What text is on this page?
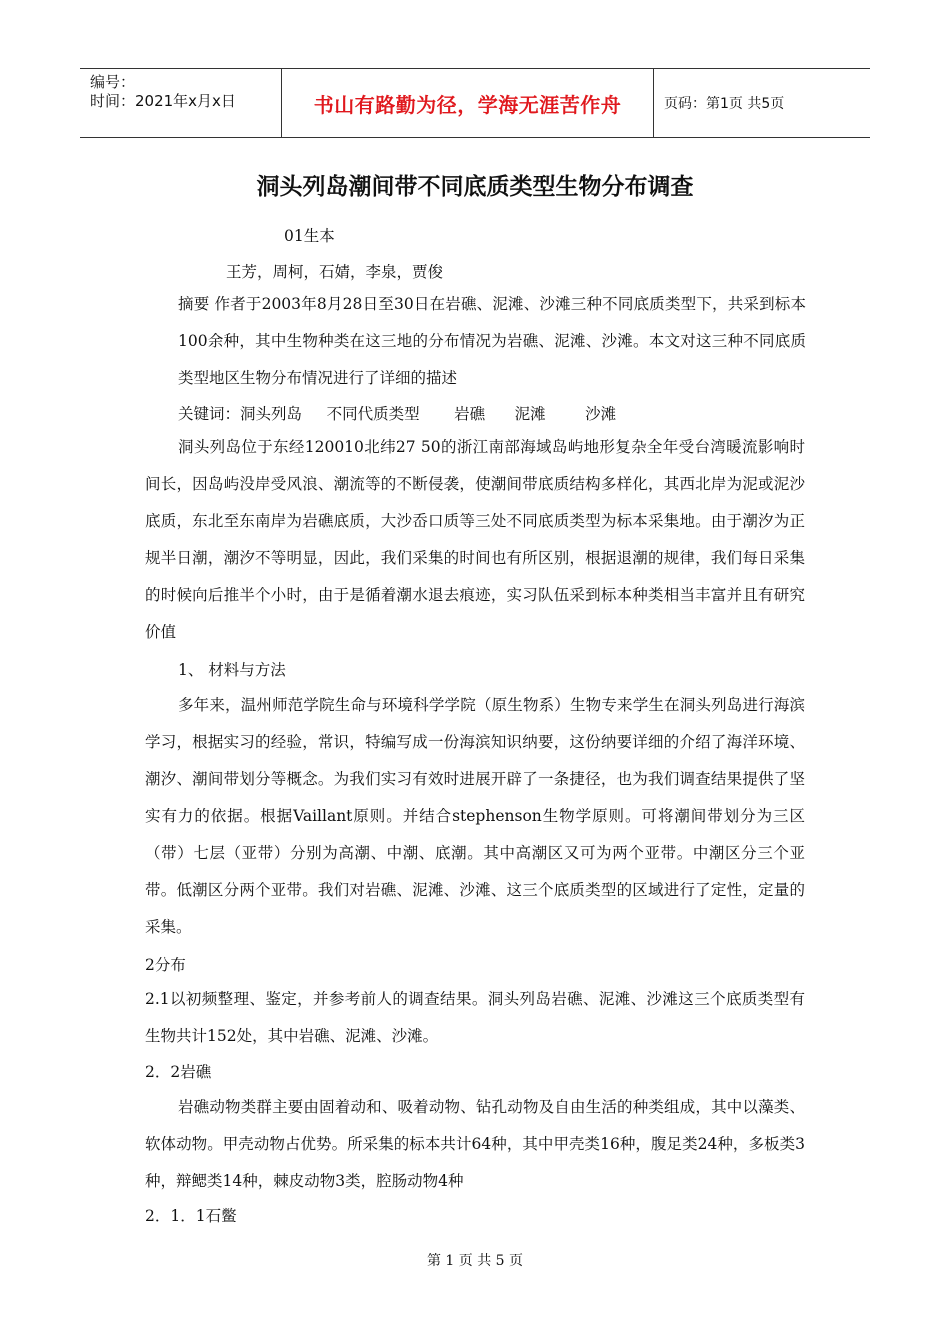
编号：
时间：2021年x月x日	书山有路勤为径，学海无涯苦作舟	页码：第1页 共5页
洞头列岛潮间带不同底质类型生物分布调查
01生本
王芳，周柯，石婧，李泉，贾俊
摘要 作者于2003年8月28日至30日在岩礁、泥滩、沙滩三种不同底质类型下，共采到标本100余种，其中生物种类在这三地的分布情况为岩礁、泥滩、沙滩。本文对这三种不同底质类型地区生物分布情况进行了详细的描述
关键词：洞头列岛     不同代质类型       岩礁      泥滩        沙滩
洞头列岛位于东经120010北纬27 50的浙江南部海域岛屿地形复杂全年受台湾暖流影响时间长，因岛屿没岸受风浪、潮流等的不断侵袭，使潮间带底质结构多样化，其西北岸为泥或泥沙底质，东北至东南岸为岩礁底质，大沙岙口质等三处不同底质类型为标本采集地。由于潮汐为正规半日潮，潮汐不等明显，因此，我们采集的时间也有所区别，根据退潮的规律，我们每日采集的时候向后推半个小时，由于是循着潮水退去痕迹，实习队伍采到标本种类相当丰富并且有研究价值
1、 材料与方法
多年来，温州师范学院生命与环境科学学院（原生物系）生物专来学生在洞头列岛进行海滨学习，根据实习的经验，常识，特编写成一份海滨知识纳要，这份纳要详细的介绍了海洋环境、潮汐、潮间带划分等概念。为我们实习有效时进展开辟了一条捷径，也为我们调查结果提供了坚实有力的依据。根据Vaillant原则。并结合stephenson生物学原则。可将潮间带划分为三区（带）七层（亚带）分别为高潮、中潮、底潮。其中高潮区又可为两个亚带。中潮区分三个亚带。低潮区分两个亚带。我们对岩礁、泥滩、沙滩、这三个底质类型的区域进行了定性，定量的采集。
2分布
2.1以初频整理、鉴定，并参考前人的调查结果。洞头列岛岩礁、泥滩、沙滩这三个底质类型有生物共计152处，其中岩礁、泥滩、沙滩。
2．2岩礁
岩礁动物类群主要由固着动和、吸着动物、钻孔动物及自由生活的种类组成，其中以藻类、软体动物。甲壳动物占优势。所采集的标本共计64种，其中甲壳类16种，腹足类24种，多板类3种，辩鳃类14种，棘皮动物3类，腔肠动物4种
2．1．1石鳖
第 1 页 共 5 页
